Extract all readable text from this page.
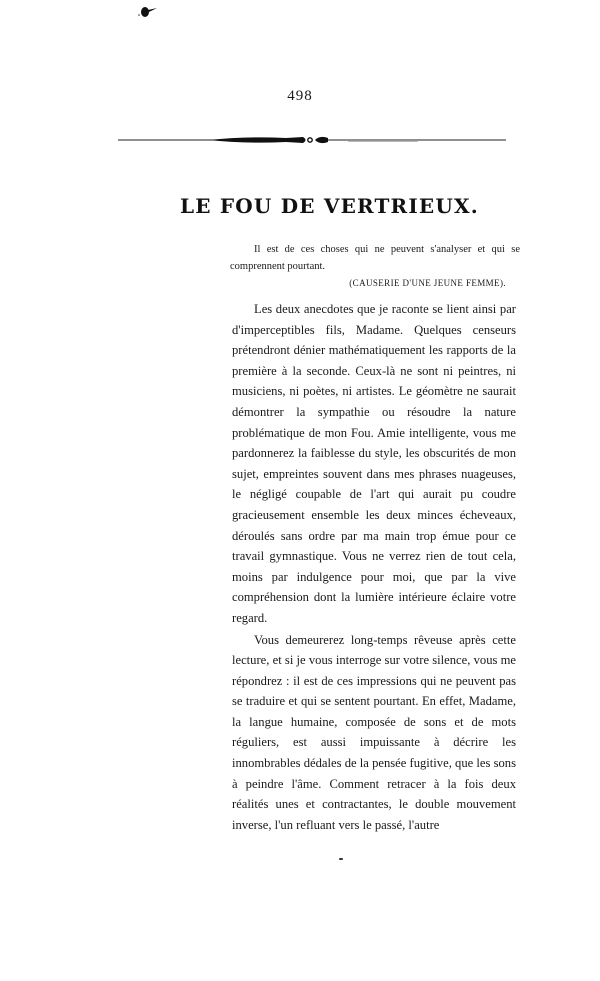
498
LE FOU DE VERTRIEUX.

Il est de ces choses qui ne peuvent s'analyser et qui se comprennent pourtant.

(CAUSERIE D'UNE JEUNE FEMME).

Les deux anecdotes que je raconte se lient ainsi par d'imperceptibles fils, Madame. Quelques censeurs prétendront dénier mathématiquement les rapports de la première à la seconde. Ceux-là ne sont ni peintres, ni musiciens, ni poètes, ni artistes. Le géomètre ne saurait démontrer la sympathie ou résoudre la nature problématique de mon Fou. Amie intelligente, vous me pardonnerez la faiblesse du style, les obscurités de mon sujet, empreintes souvent dans mes phrases nuageuses, le négligé coupable de l'art qui aurait pu coudre gracieusement ensemble les deux minces écheveaux, déroulés sans ordre par ma main trop émue pour ce travail gymnastique. Vous ne verrez rien de tout cela, moins par indulgence pour moi, que par la vive compréhension dont la lumière intérieure éclaire votre regard.

Vous demeurerez long-temps rêveuse après cette lecture, et si je vous interroge sur votre silence, vous me répondrez : il est de ces impressions qui ne peuvent pas se traduire et qui se sentent pourtant. En effet, Madame, la langue humaine, composée de sons et de mots réguliers, est aussi impuissante à décrire les innombrables dédales de la pensée fugitive, que les sons à peindre l'âme. Comment retracer à la fois deux réalités unes et contractantes, le double mouvement inverse, l'un refluant vers le passé, l'autre
